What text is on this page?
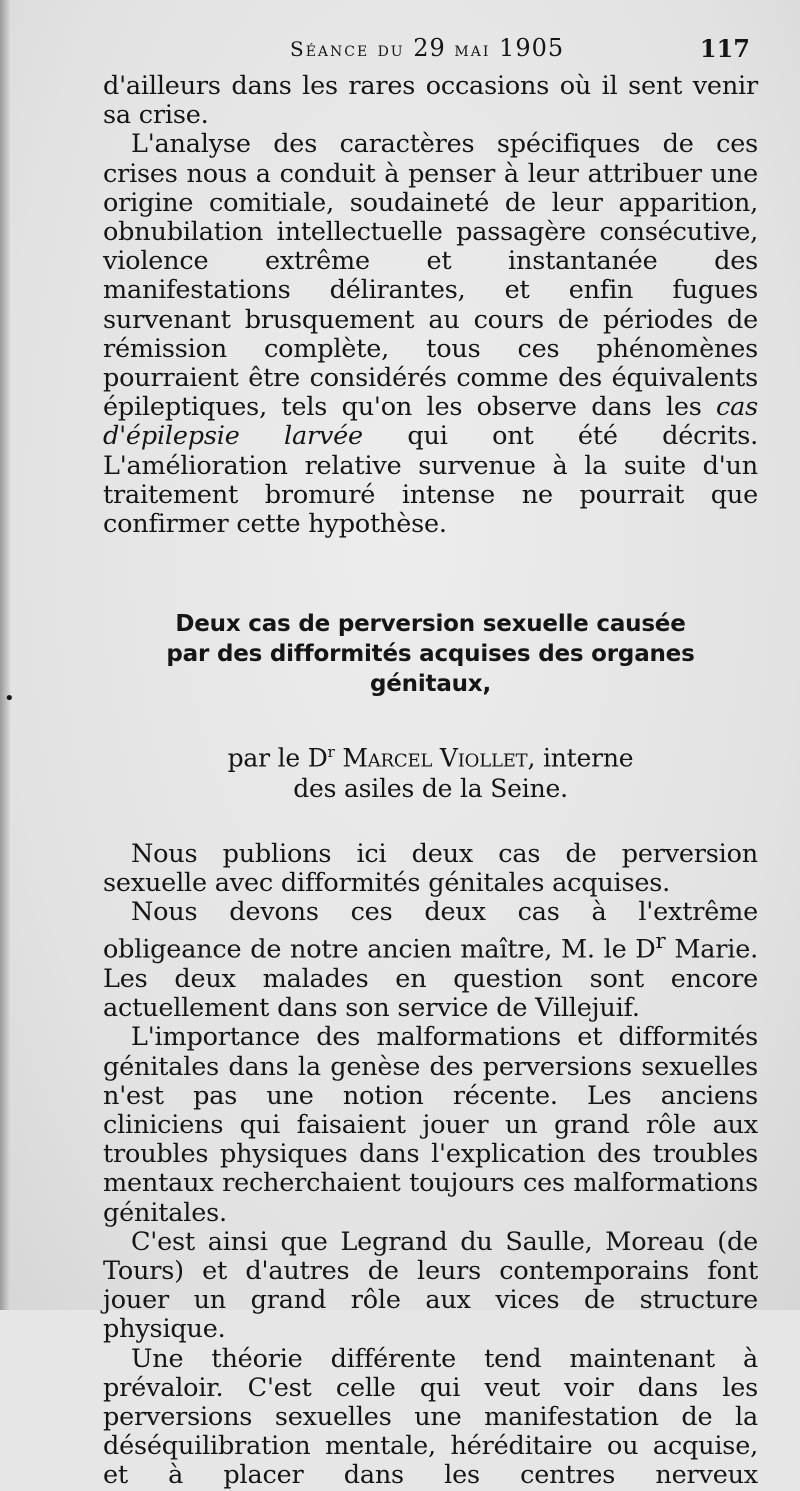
Séance du 29 mai 1905	117
•

d'ailleurs dans les rares occasions où il sent venir sa crise.

L'analyse des caractères spécifiques de ces crises nous a conduit à penser à leur attribuer une origine comitiale, soudaineté de leur apparition, obnubilation intellectuelle passagère consécutive, violence extrême et instantanée des manifestations délirantes, et enfin fugues survenant brusquement au cours de périodes de rémission complète, tous ces phénomènes pourraient être considérés comme des équivalents épileptiques, tels qu'on les observe dans les cas d'épilepsie larvée qui ont été décrits. L'amélioration relative survenue à la suite d'un traitement bromuré intense ne pourrait que confirmer cette hypothèse.

Deux cas de perversion sexuelle causée
par des difformités acquises des organes génitaux,
par le $D^r$ Marcel Viollet, interne
des asiles de la Seine.

Nous publions ici deux cas de perversion sexuelle avec difformités génitales acquises.

Nous devons ces deux cas à l'extrême obligeance de notre ancien maître, M. le $D^r$ Marie. Les deux malades en question sont encore actuellement dans son service de Villejuif.

L'importance des malformations et difformités génitales dans la genèse des perversions sexuelles n'est pas une notion récente. Les anciens cliniciens qui faisaient jouer un grand rôle aux troubles physiques dans l'explication des troubles mentaux recherchaient toujours ces malformations génitales.

C'est ainsi que Legrand du Saulle, Moreau (de Tours) et d'autres de leurs contemporains font jouer un grand rôle aux vices de structure physique.

Une théorie différente tend maintenant à prévaloir. C'est celle qui veut voir dans les perversions sexuelles une manifestation de la déséquilibration mentale, héréditaire ou acquise, et à placer dans les centres nerveux
